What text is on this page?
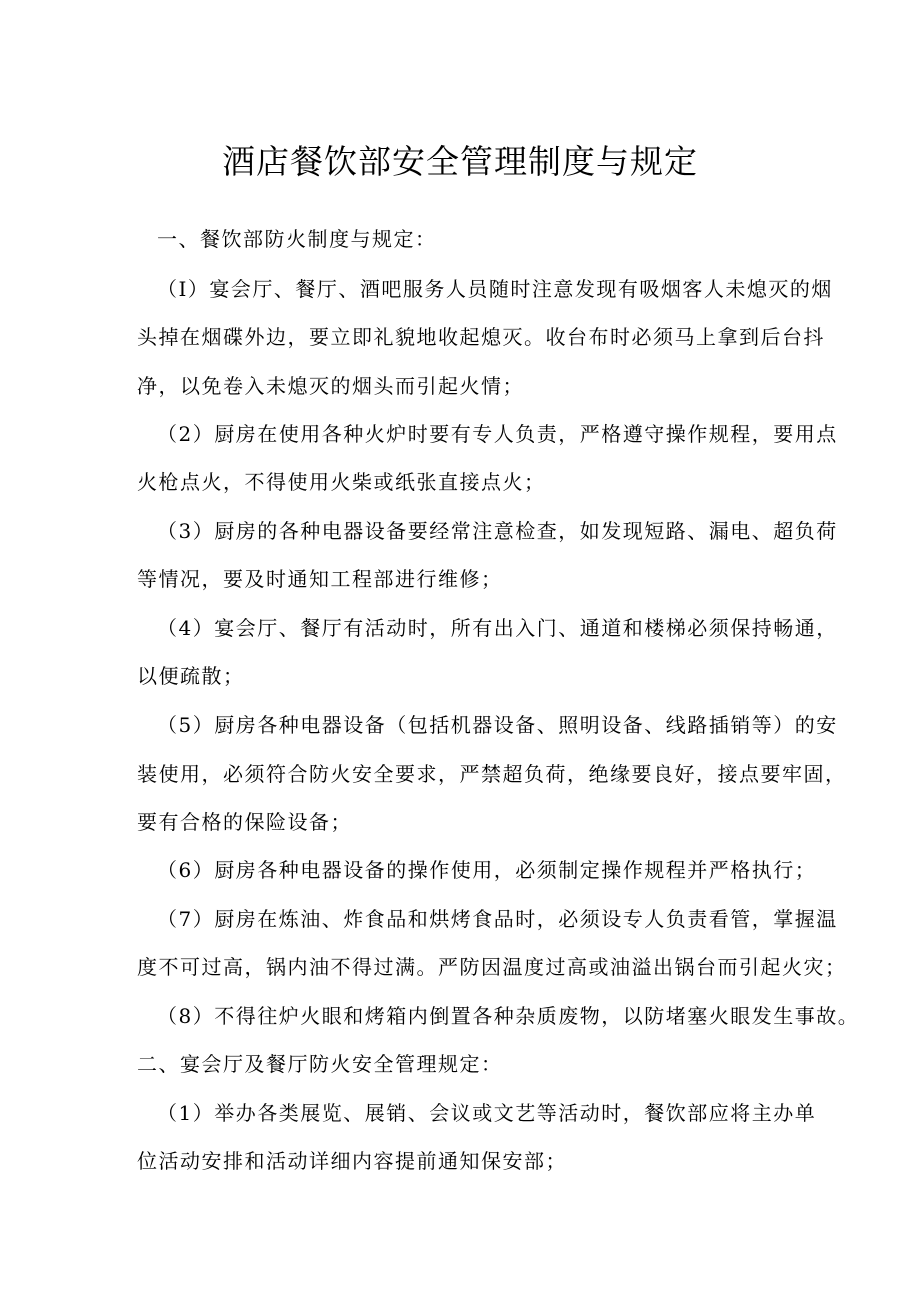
酒店餐饮部安全管理制度与规定
一、餐饮部防火制度与规定：
（I）宴会厅、餐厅、酒吧服务人员随时注意发现有吸烟客人未熄灭的烟
头掉在烟碟外边，要立即礼貌地收起熄灭。收台布时必须马上拿到后台抖
净，以免卷入未熄灭的烟头而引起火情；
（2）厨房在使用各种火炉时要有专人负责，严格遵守操作规程，要用点
火枪点火，不得使用火柴或纸张直接点火；
（3）厨房的各种电器设备要经常注意检查，如发现短路、漏电、超负荷
等情况，要及时通知工程部进行维修；
（4）宴会厅、餐厅有活动时，所有出入门、通道和楼梯必须保持畅通，
以便疏散；
（5）厨房各种电器设备（包括机器设备、照明设备、线路插销等）的安
装使用，必须符合防火安全要求，严禁超负荷，绝缘要良好，接点要牢固，
要有合格的保险设备；
（6）厨房各种电器设备的操作使用，必须制定操作规程并严格执行；
（7）厨房在炼油、炸食品和烘烤食品时，必须设专人负责看管，掌握温
度不可过高，锅内油不得过满。严防因温度过高或油溢出锅台而引起火灾；
（8）不得往炉火眼和烤箱内倒置各种杂质废物，以防堵塞火眼发生事故。
二、宴会厅及餐厅防火安全管理规定：
（1）举办各类展览、展销、会议或文艺等活动时，餐饮部应将主办单
位活动安排和活动详细内容提前通知保安部；
